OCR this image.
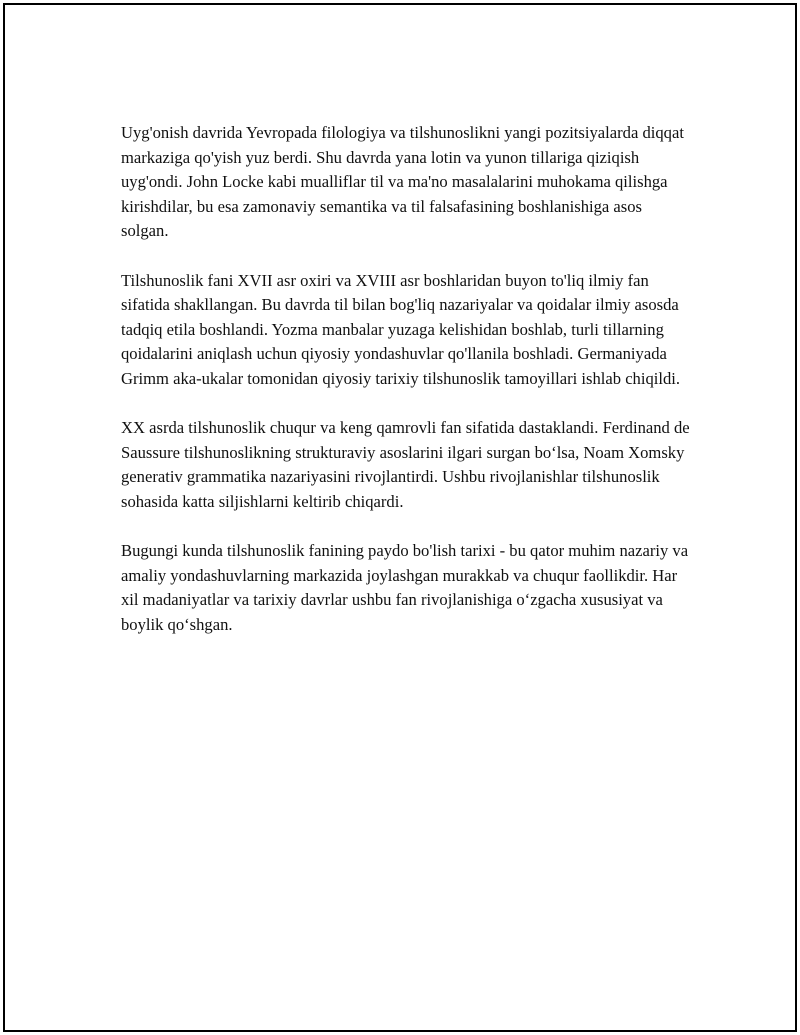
Uyg'onish davrida Yevropada filologiya va tilshunoslikni yangi pozitsiyalarda diqqat markaziga qo'yish yuz berdi. Shu davrda yana lotin va yunon tillariga qiziqish uyg'ondi. John Locke kabi mualliflar til va ma'no masalalarini muhokama qilishga kirishdilar, bu esa zamonaviy semantika va til falsafasining boshlanishiga asos solgan.

Tilshunoslik fani XVII asr oxiri va XVIII asr boshlaridan buyon to'liq ilmiy fan sifatida shakllangan. Bu davrda til bilan bog'liq nazariyalar va qoidalar ilmiy asosda tadqiq etila boshlandi. Yozma manbalar yuzaga kelishidan boshlab, turli tillarning qoidalarini aniqlash uchun qiyosiy yondashuvlar qo'llanila boshladi. Germaniyada Grimm aka-ukalar tomonidan qiyosiy tarixiy tilshunoslik tamoyillari ishlab chiqildi.

XX asrda tilshunoslik chuqur va keng qamrovli fan sifatida dastaklandi. Ferdinand de Saussure tilshunoslikning strukturaviy asoslarini ilgari surgan bo‘lsa, Noam Xomsky generativ grammatika nazariyasini rivojlantirdi. Ushbu rivojlanishlar tilshunoslik sohasida katta siljishlarni keltirib chiqardi.

Bugungi kunda tilshunoslik fanining paydo bo'lish tarixi - bu qator muhim nazariy va amaliy yondashuvlarning markazida joylashgan murakkab va chuqur faollikdir. Har xil madaniyatlar va tarixiy davrlar ushbu fan rivojlanishiga o‘zgacha xususiyat va boylik qo‘shgan.
